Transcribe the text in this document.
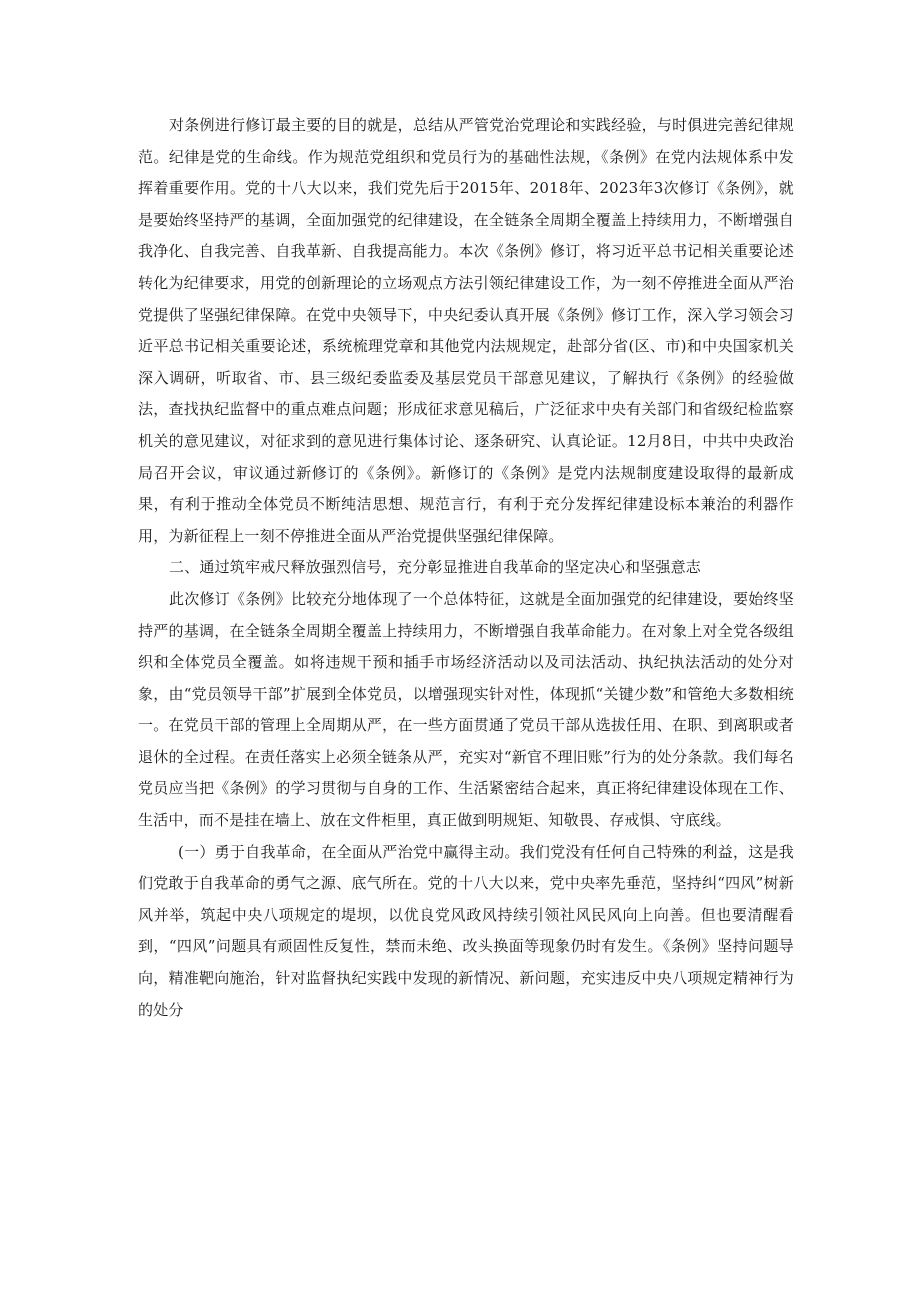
对条例进行修订最主要的目的就是，总结从严管党治党理论和实践经验，与时俱进完善纪律规范。纪律是党的生命线。作为规范党组织和党员行为的基础性法规，《条例》在党内法规体系中发挥着重要作用。党的十八大以来，我们党先后于2015年、2018年、2023年3次修订《条例》，就是要始终坚持严的基调，全面加强党的纪律建设，在全链条全周期全覆盖上持续用力，不断增强自我净化、自我完善、自我革新、自我提高能力。本次《条例》修订，将习近平总书记相关重要论述转化为纪律要求，用党的创新理论的立场观点方法引领纪律建设工作，为一刻不停推进全面从严治党提供了坚强纪律保障。在党中央领导下，中央纪委认真开展《条例》修订工作，深入学习领会习近平总书记相关重要论述，系统梳理党章和其他党内法规规定，赴部分省(区、市)和中央国家机关深入调研，听取省、市、县三级纪委监委及基层党员干部意见建议，了解执行《条例》的经验做法，查找执纪监督中的重点难点问题；形成征求意见稿后，广泛征求中央有关部门和省级纪检监察机关的意见建议，对征求到的意见进行集体讨论、逐条研究、认真论证。12月8日，中共中央政治局召开会议，审议通过新修订的《条例》。新修订的《条例》是党内法规制度建设取得的最新成果，有利于推动全体党员不断纯洁思想、规范言行，有利于充分发挥纪律建设标本兼治的利器作用，为新征程上一刻不停推进全面从严治党提供坚强纪律保障。

二、通过筑牢戒尺释放强烈信号，充分彰显推进自我革命的坚定决心和坚强意志

此次修订《条例》比较充分地体现了一个总体特征，这就是全面加强党的纪律建设，要始终坚持严的基调，在全链条全周期全覆盖上持续用力，不断增强自我革命能力。在对象上对全党各级组织和全体党员全覆盖。如将违规干预和插手市场经济活动以及司法活动、执纪执法活动的处分对象，由“党员领导干部”扩展到全体党员，以增强现实针对性，体现抓“关键少数”和管绝大多数相统一。在党员干部的管理上全周期从严，在一些方面贯通了党员干部从选拔任用、在职、到离职或者退休的全过程。在责任落实上必须全链条从严，充实对“新官不理旧账”行为的处分条款。我们每名党员应当把《条例》的学习贯彻与自身的工作、生活紧密结合起来，真正将纪律建设体现在工作、生活中，而不是挂在墙上、放在文件柜里，真正做到明规矩、知敬畏、存戒惧、守底线。

(一）勇于自我革命，在全面从严治党中赢得主动。我们党没有任何自己特殊的利益，这是我们党敢于自我革命的勇气之源、底气所在。党的十八大以来，党中央率先垂范，坚持纠“四风”树新风并举，筑起中央八项规定的堤坝，以优良党风政风持续引领社风民风向上向善。但也要清醒看到，“四风”问题具有顽固性反复性，禁而未绝、改头换面等现象仍时有发生。《条例》坚持问题导向，精准靶向施治，针对监督执纪实践中发现的新情况、新问题，充实违反中央八项规定精神行为的处分
